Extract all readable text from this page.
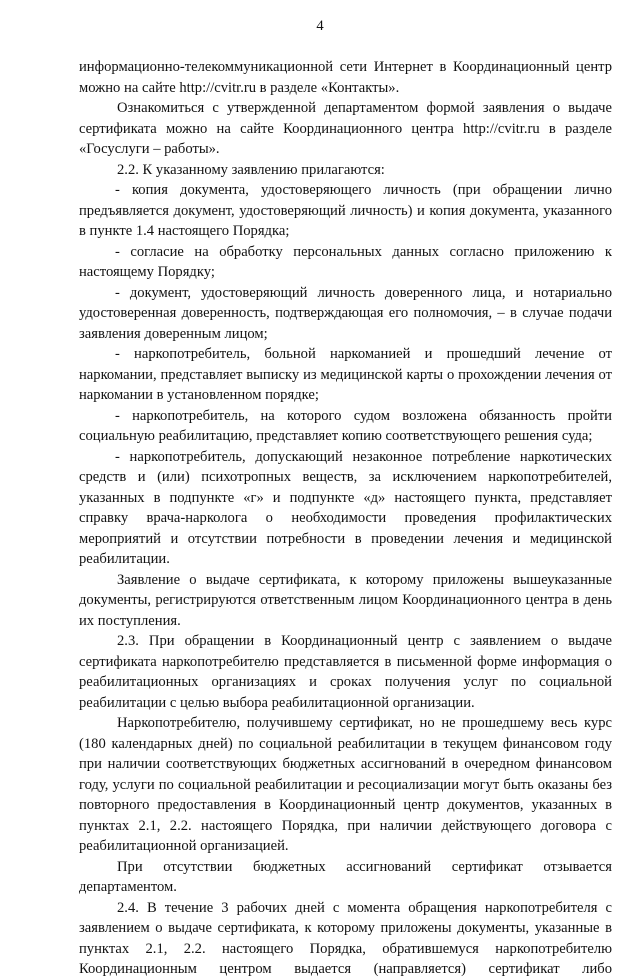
4

информационно-телекоммуникационной сети Интернет в Координационный центр можно на сайте http://cvitr.ru в разделе «Контакты».

Ознакомиться с утвержденной департаментом формой заявления о выдаче сертификата можно на сайте Координационного центра http://cvitr.ru в разделе «Госуслуги – работы».

2.2. К указанному заявлению прилагаются:

- копия документа, удостоверяющего личность (при обращении лично предъявляется документ, удостоверяющий личность) и копия документа, указанного в пункте 1.4 настоящего Порядка;

- согласие на обработку персональных данных согласно приложению к настоящему Порядку;

- документ, удостоверяющий личность доверенного лица, и нотариально удостоверенная доверенность, подтверждающая его полномочия, – в случае подачи заявления доверенным лицом;

- наркопотребитель, больной наркоманией и прошедший лечение от наркомании, представляет выписку из медицинской карты о прохождении лечения от наркомании в установленном порядке;

- наркопотребитель, на которого судом возложена обязанность пройти социальную реабилитацию, представляет копию соответствующего решения суда;

- наркопотребитель, допускающий незаконное потребление наркотических средств и (или) психотропных веществ, за исключением наркопотребителей, указанных в подпункте «г» и подпункте «д» настоящего пункта, представляет справку врача-нарколога о необходимости проведения профилактических мероприятий и отсутствии потребности в проведении лечения и медицинской реабилитации.

Заявление о выдаче сертификата, к которому приложены вышеуказанные документы, регистрируются ответственным лицом Координационного центра в день их поступления.

2.3. При обращении в Координационный центр с заявлением о выдаче сертификата наркопотребителю представляется в письменной форме информация о реабилитационных организациях и сроках получения услуг по социальной реабилитации с целью выбора реабилитационной организации.

Наркопотребителю, получившему сертификат, но не прошедшему весь курс (180 календарных дней) по социальной реабилитации в текущем финансовом году при наличии соответствующих бюджетных ассигнований в очередном финансовом году, услуги по социальной реабилитации и ресоциализации могут быть оказаны без повторного предоставления в Координационный центр документов, указанных в пунктах 2.1, 2.2. настоящего Порядка, при наличии действующего договора с реабилитационной организацией.

При отсутствии бюджетных ассигнований сертификат отзывается департаментом.

2.4. В течение 3 рабочих дней с момента обращения наркопотребителя с заявлением о выдаче сертификата, к которому приложены документы, указанные в пунктах 2.1, 2.2. настоящего Порядка, обратившемуся наркопотребителю Координационным центром выдается (направляется) сертификат либо
